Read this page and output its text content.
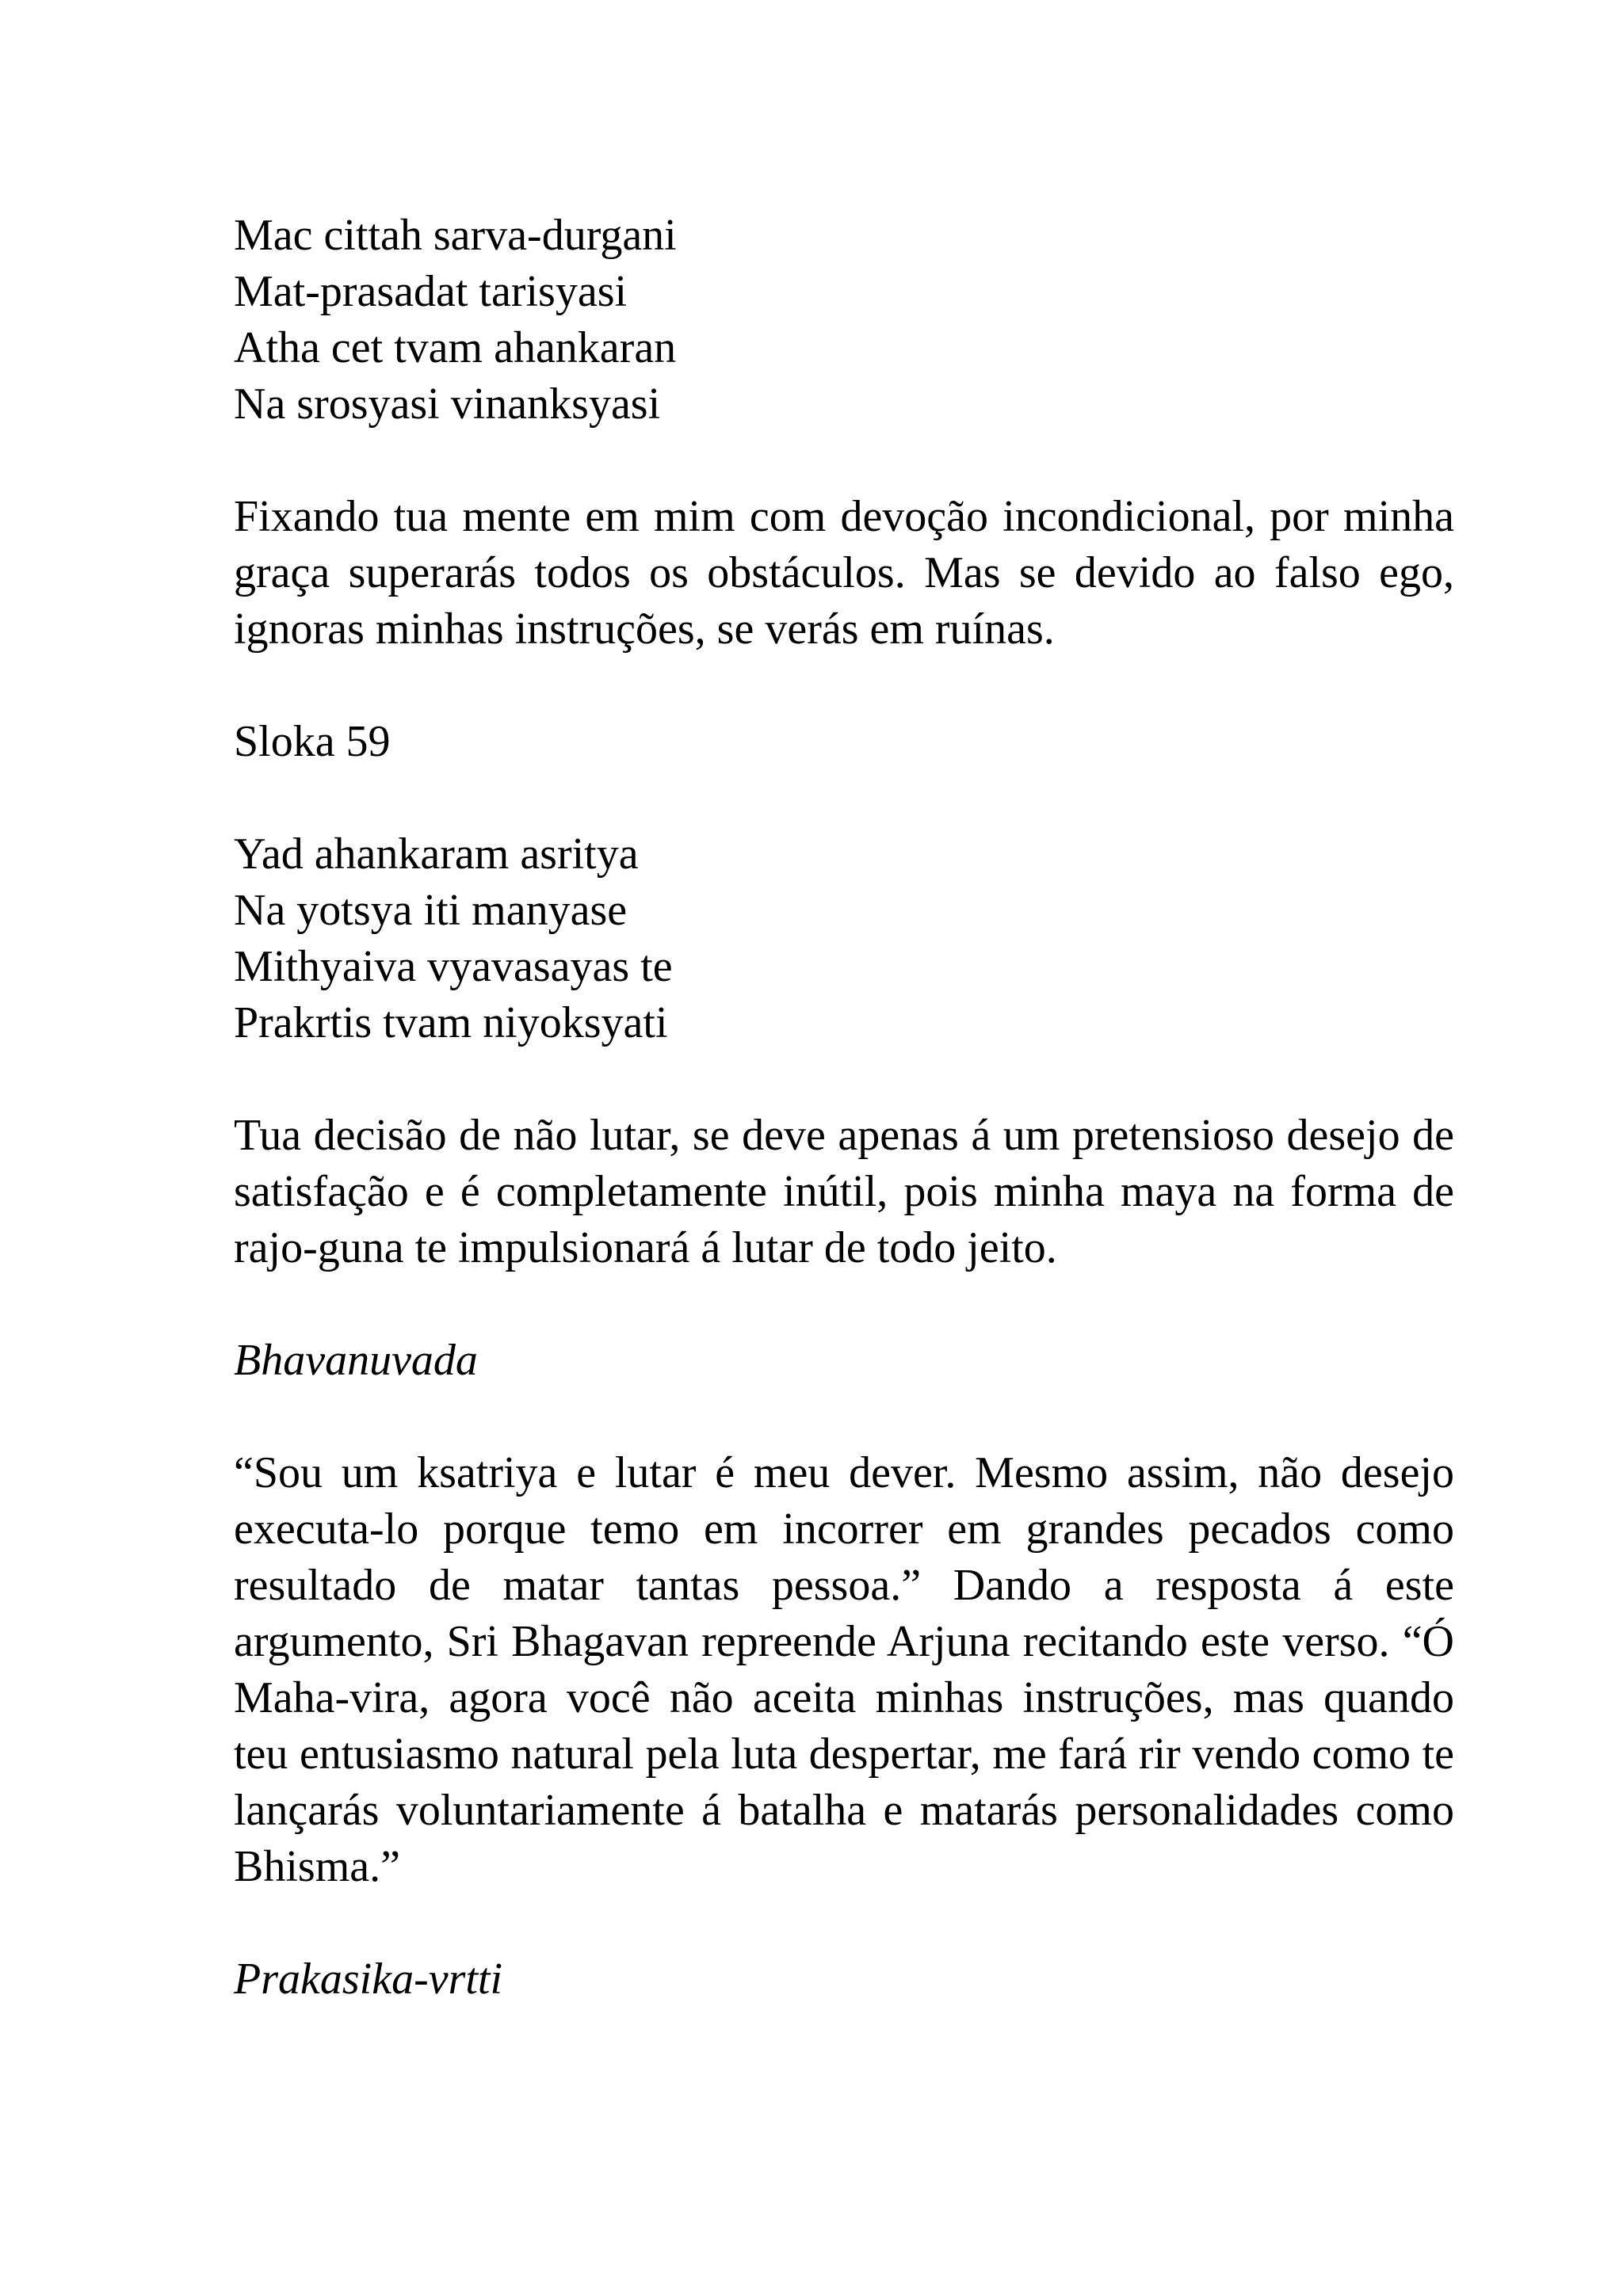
Mac cittah sarva-durgani
Mat-prasadat tarisyasi
Atha cet tvam ahankaran
Na srosyasi vinanksyasi

Fixando tua mente em mim com devoção incondicional, por minha graça superarás todos os obstáculos. Mas se devido ao falso ego, ignoras minhas instruções, se verás em ruínas.

Sloka 59

Yad ahankaram asritya
Na yotsya iti manyase
Mithyaiva vyavasayas te
Prakrtis tvam niyoksyati

Tua decisão de não lutar, se deve apenas á um pretensioso desejo de satisfação e é completamente inútil, pois minha maya na forma de rajo-guna te impulsionará á lutar de todo jeito.

Bhavanuvada

“Sou um ksatriya e lutar é meu dever. Mesmo assim, não desejo executa-lo porque temo em incorrer em grandes pecados como resultado de matar tantas pessoa.” Dando a resposta á este argumento, Sri Bhagavan repreende Arjuna recitando este verso. “Ó Maha-vira, agora você não aceita minhas instruções, mas quando teu entusiasmo natural pela luta despertar, me fará rir vendo como te lançarás voluntariamente á batalha e matarás personalidades como Bhisma.”

Prakasika-vrtti
